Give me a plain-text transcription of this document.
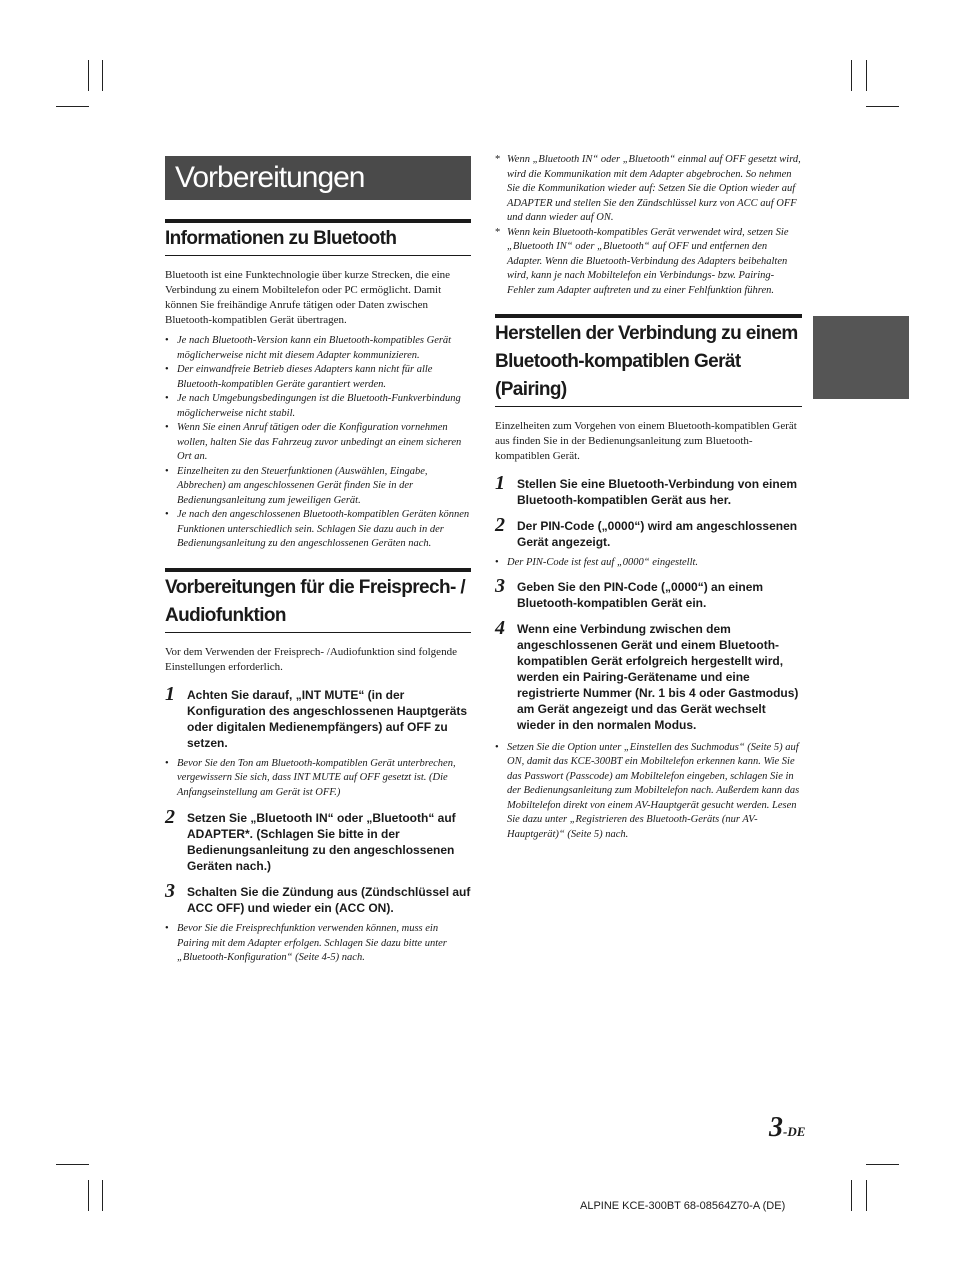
Vorbereitungen
Informationen zu Bluetooth

Bluetooth ist eine Funktechnologie über kurze Strecken, die eine Verbindung zu einem Mobiltelefon oder PC ermöglicht. Damit können Sie freihändige Anrufe tätigen oder Daten zwischen Bluetooth-kompatiblen Gerät übertragen.

• Je nach Bluetooth-Version kann ein Bluetooth-kompatibles Gerät möglicherweise nicht mit diesem Adapter kommunizieren.
• Der einwandfreie Betrieb dieses Adapters kann nicht für alle Bluetooth-kompatiblen Geräte garantiert werden.
• Je nach Umgebungsbedingungen ist die Bluetooth-Funkverbindung möglicherweise nicht stabil.
• Wenn Sie einen Anruf tätigen oder die Konfiguration vornehmen wollen, halten Sie das Fahrzeug zuvor unbedingt an einem sicheren Ort an.
• Einzelheiten zu den Steuerfunktionen (Auswählen, Eingabe, Abbrechen) am angeschlossenen Gerät finden Sie in der Bedienungsanleitung zum jeweiligen Gerät.
• Je nach den angeschlossenen Bluetooth-kompatiblen Geräten können Funktionen unterschiedlich sein. Schlagen Sie dazu auch in der Bedienungsanleitung zu den angeschlossenen Geräten nach.
Vorbereitungen für die Freisprech- /
Audiofunktion

Vor dem Verwenden der Freisprech- /Audiofunktion sind folgende Einstellungen erforderlich.

1 Achten Sie darauf, „INT MUTE“ (in der Konfiguration des angeschlossenen Hauptgeräts oder digitalen Medienempfängers) auf OFF zu setzen.
• Bevor Sie den Ton am Bluetooth-kompatiblen Gerät unterbrechen, vergewissern Sie sich, dass INT MUTE auf OFF gesetzt ist. (Die Anfangseinstellung am Gerät ist OFF.)
2 Setzen Sie „Bluetooth IN“ oder „Bluetooth“ auf ADAPTER*. (Schlagen Sie bitte in der Bedienungsanleitung zu den angeschlossenen Geräten nach.)
3 Schalten Sie die Zündung aus (Zündschlüssel auf ACC OFF) und wieder ein (ACC ON).
• Bevor Sie die Freisprechfunktion verwenden können, muss ein Pairing mit dem Adapter erfolgen. Schlagen Sie dazu bitte unter „Bluetooth-Konfiguration“ (Seite 4-5) nach.
* Wenn „Bluetooth IN“ oder „Bluetooth“ einmal auf OFF gesetzt wird, wird die Kommunikation mit dem Adapter abgebrochen. So nehmen Sie die Kommunikation wieder auf: Setzen Sie die Option wieder auf ADAPTER und stellen Sie den Zündschlüssel kurz von ACC auf OFF und dann wieder auf ON.
* Wenn kein Bluetooth-kompatibles Gerät verwendet wird, setzen Sie „Bluetooth IN“ oder „Bluetooth“ auf OFF und entfernen den Adapter. Wenn die Bluetooth-Verbindung des Adapters beibehalten wird, kann je nach Mobiltelefon ein Verbindungs- bzw. Pairing-Fehler zum Adapter auftreten und zu einer Fehlfunktion führen.
Herstellen der Verbindung zu einem
Bluetooth-kompatiblen Gerät (Pairing)

Einzelheiten zum Vorgehen von einem Bluetooth-kompatiblen Gerät aus finden Sie in der Bedienungsanleitung zum Bluetooth-kompatiblen Gerät.

1 Stellen Sie eine Bluetooth-Verbindung von einem Bluetooth-kompatiblen Gerät aus her.
2 Der PIN-Code („0000“) wird am angeschlossenen Gerät angezeigt.
• Der PIN-Code ist fest auf „0000“ eingestellt.
3 Geben Sie den PIN-Code („0000“) an einem Bluetooth-kompatiblen Gerät ein.
4 Wenn eine Verbindung zwischen dem angeschlossenen Gerät und einem Bluetooth-kompatiblen Gerät erfolgreich hergestellt wird, werden ein Pairing-Gerätename und eine registrierte Nummer (Nr. 1 bis 4 oder Gastmodus) am Gerät angezeigt und das Gerät wechselt wieder in den normalen Modus.
• Setzen Sie die Option unter „Einstellen des Suchmodus“ (Seite 5) auf ON, damit das KCE-300BT ein Mobiltelefon erkennen kann. Wie Sie das Passwort (Passcode) am Mobiltelefon eingeben, schlagen Sie in der Bedienungsanleitung zum Mobiltelefon nach. Außerdem kann das Mobiltelefon direkt von einem AV-Hauptgerät gesucht werden. Lesen Sie dazu unter „Registrieren des Bluetooth-Geräts (nur AV-Hauptgerät)“ (Seite 5) nach.
3-DE
ALPINE KCE-300BT 68-08564Z70-A (DE)
